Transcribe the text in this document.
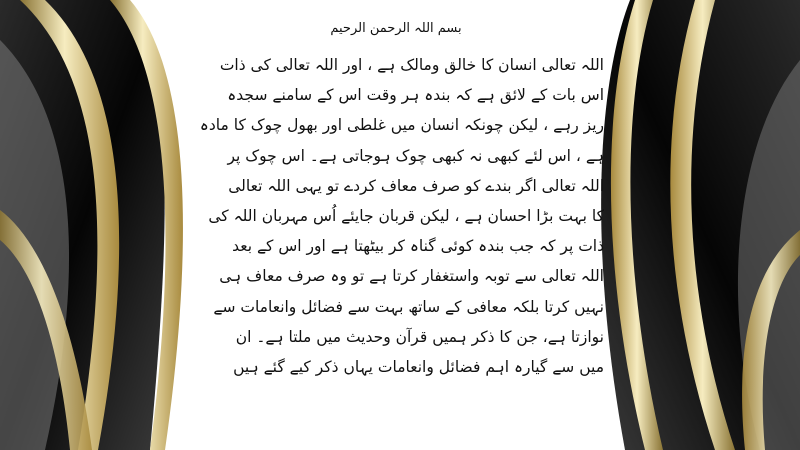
بسم اللہ الرحمن الرحیم
اللہ تعالی انسان کا خالق ومالک ہے ، اور اللہ تعالی کی ذات
اس بات کے لائق ہے کہ بندہ ہر وقت اس کے سامنے سجدہ
ریز رہے ، لیکن چونکہ انسان میں غلطی اور بھول چوک کا مادہ
ہے ، اس لئے کبھی نہ کبھی چوک ہوجاتی ہے۔ اس چوک پر
اللہ تعالی اگر بندے کو صرف معاف کردے تو یہی اللہ تعالی
کا بہت بڑا احسان ہے ، لیکن قربان جایئے اُس مہربان اللہ کی
ذات پر کہ جب بندہ کوئی گناہ کر بیٹھتا ہے اور اس کے بعد
اللہ تعالی سے توبہ واستغفار کرتا ہے تو وہ صرف معاف ہی
نہیں کرتا بلکہ معافی کے ساتھ بہت سے فضائل وانعامات سے
نوازتا ہے، جن کا ذکر ہمیں قرآن وحدیث میں ملتا ہے۔ ان
میں سے گیارہ اہم فضائل وانعامات یہاں ذکر کیے گئے ہیں
